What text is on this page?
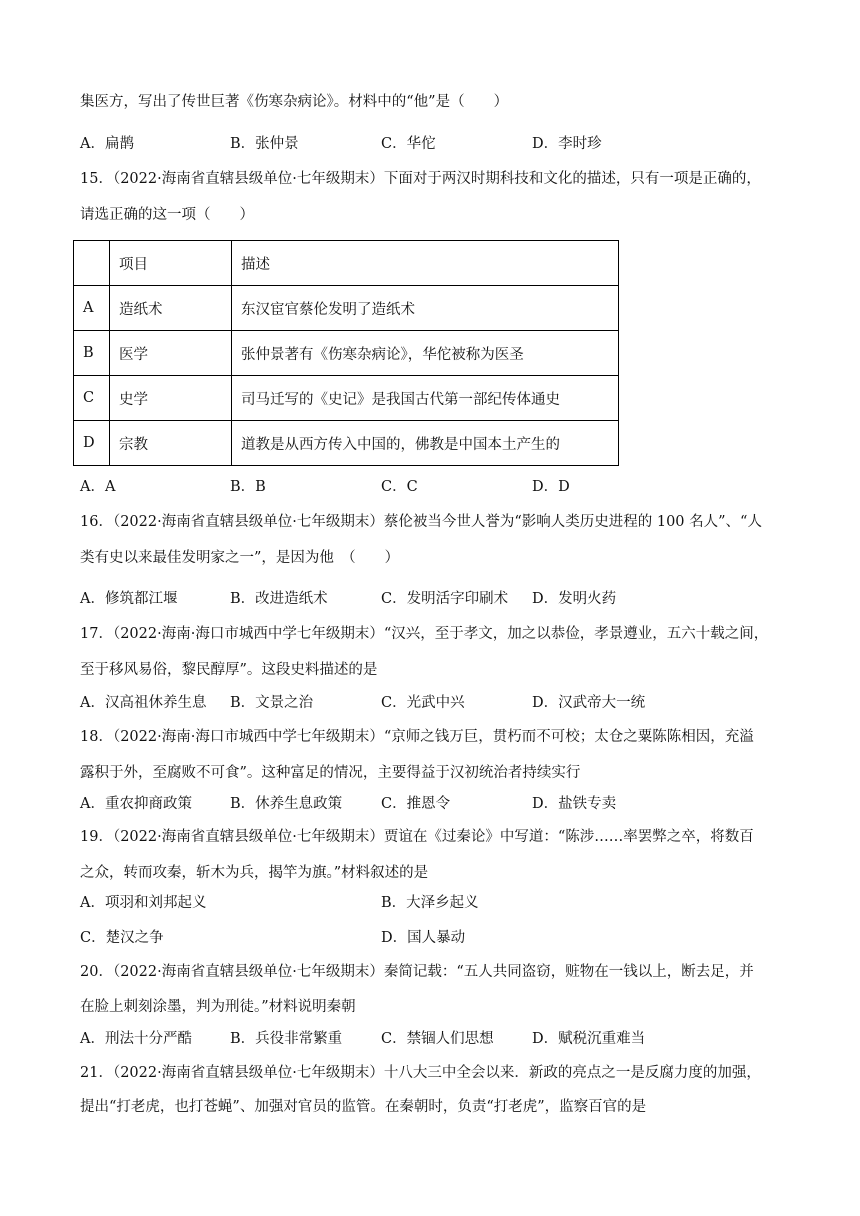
集医方，写出了传世巨著《伤寒杂病论》。材料中的“他”是（　　）
A．扁鹊	B．张仲景	C．华佗	D．李时珍
15．（2022·海南省直辖县级单位·七年级期末）下面对于两汉时期科技和文化的描述，只有一项是正确的，
请选正确的这一项（　　）
	项目	描述
A	造纸术	东汉宦官蔡伦发明了造纸术
B	医学	张仲景著有《伤寒杂病论》，华佗被称为医圣
C	史学	司马迁写的《史记》是我国古代第一部纪传体通史
D	宗教	道教是从西方传入中国的，佛教是中国本土产生的
A．A	B．B	C．C	D．D
16．（2022·海南省直辖县级单位·七年级期末）蔡伦被当今世人誉为“影响人类历史进程的 100 名人”、“人
类有史以来最佳发明家之一”，是因为他　（　　）
A．修筑都江堰	B．改进造纸术	C．发明活字印刷术 D．发明火药
17．（2022·海南·海口市城西中学七年级期末）“汉兴，至于孝文，加之以恭俭，孝景遵业，五六十载之间，
至于移风易俗，黎民醇厚”。这段史料描述的是
A．汉高祖休养生息 B．文景之治	C．光武中兴	D．汉武帝大一统
18．（2022·海南·海口市城西中学七年级期末）“京师之钱万巨，贯朽而不可校；太仓之粟陈陈相因，充溢
露积于外，至腐败不可食”。这种富足的情况，主要得益于汉初统治者持续实行
A．重农抑商政策	B．休养生息政策	C．推恩令	D．盐铁专卖
19．（2022·海南省直辖县级单位·七年级期末）贾谊在《过秦论》中写道：“陈涉……率罢弊之卒，将数百
之众，转而攻秦，斩木为兵，揭竿为旗。”材料叙述的是
A．项羽和刘邦起义	B．大泽乡起义
C．楚汉之争	D．国人暴动
20．（2022·海南省直辖县级单位·七年级期末）秦简记载：“五人共同盗窃，赃物在一钱以上，断去足，并
在脸上刺刻涂墨，判为刑徒。”材料说明秦朝
A．刑法十分严酷	B．兵役非常繁重	C．禁锢人们思想	D．赋税沉重难当
21．（2022·海南省直辖县级单位·七年级期末）十八大三中全会以来．新政的亮点之一是反腐力度的加强，
提出“打老虎，也打苍蝇”、加强对官员的监管。在秦朝时，负责“打老虎”，监察百官的是
